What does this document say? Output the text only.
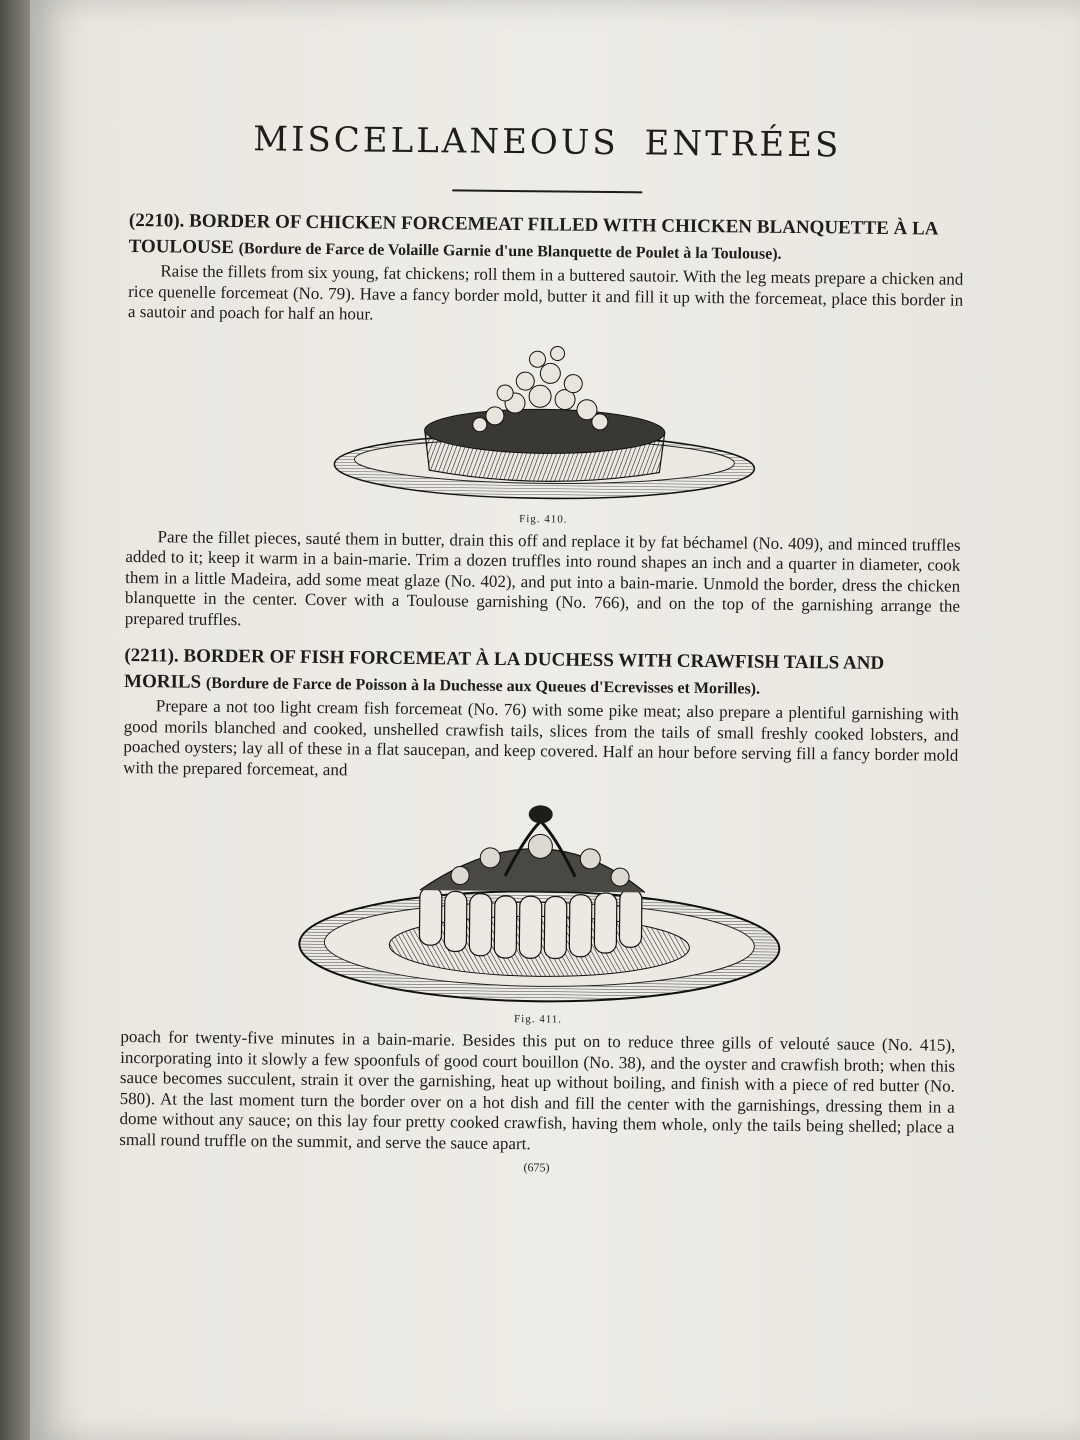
MISCELLANEOUS ENTRÉES

(2210). BORDER OF CHICKEN FORCEMEAT FILLED WITH CHICKEN BLANQUETTE À LA TOULOUSE (Bordure de Farce de Volaille Garnie d'une Blanquette de Poulet à la Toulouse).

Raise the fillets from six young, fat chickens; roll them in a buttered sautoir. With the leg meats prepare a chicken and rice quenelle forcemeat (No. 79). Have a fancy border mold, butter it and fill it up with the forcemeat, place this border in a sautoir and poach for half an hour.

Fig. 410.

Pare the fillet pieces, sauté them in butter, drain this off and replace it by fat béchamel (No. 409), and minced truffles added to it; keep it warm in a bain-marie. Trim a dozen truffles into round shapes an inch and a quarter in diameter, cook them in a little Madeira, add some meat glaze (No. 402), and put into a bain-marie. Unmold the border, dress the chicken blanquette in the center. Cover with a Toulouse garnishing (No. 766), and on the top of the garnishing arrange the prepared truffles.

(2211). BORDER OF FISH FORCEMEAT À LA DUCHESS WITH CRAWFISH TAILS AND MORILS (Bordure de Farce de Poisson à la Duchesse aux Queues d'Ecrevisses et Morilles).

Prepare a not too light cream fish forcemeat (No. 76) with some pike meat; also prepare a plentiful garnishing with good morils blanched and cooked, unshelled crawfish tails, slices from the tails of small freshly cooked lobsters, and poached oysters; lay all of these in a flat saucepan, and keep covered. Half an hour before serving fill a fancy border mold with the prepared forcemeat, and

Fig. 411.

poach for twenty-five minutes in a bain-marie. Besides this put on to reduce three gills of velouté sauce (No. 415), incorporating into it slowly a few spoonfuls of good court bouillon (No. 38), and the oyster and crawfish broth; when this sauce becomes succulent, strain it over the garnishing, heat up without boiling, and finish with a piece of red butter (No. 580). At the last moment turn the border over on a hot dish and fill the center with the garnishings, dressing them in a dome without any sauce; on this lay four pretty cooked crawfish, having them whole, only the tails being shelled; place a small round truffle on the summit, and serve the sauce apart.

(675)
